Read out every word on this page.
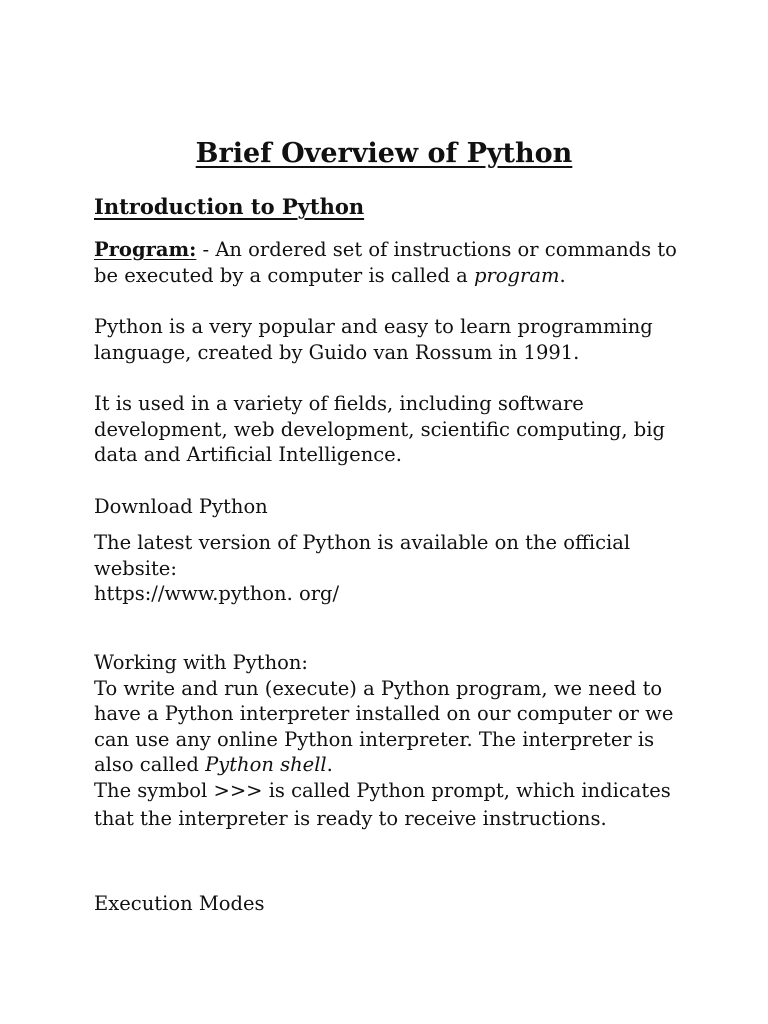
Brief Overview of Python
Introduction to Python
Program: - An ordered set of instructions or commands to
be executed by a computer is called a program.
Python is a very popular and easy to learn programming
language, created by Guido van Rossum in 1991.
It is used in a variety of fields, including software
development, web development, scientific computing, big
data and Artificial Intelligence.
Download Python
The latest version of Python is available on the official
website:
https://www.python. org/
Working with Python:
To write and run (execute) a Python program, we need to
have a Python interpreter installed on our computer or we
can use any online Python interpreter. The interpreter is
also called Python shell.
The symbol >>> is called Python prompt, which indicates
that the interpreter is ready to receive instructions.
Execution Modes
